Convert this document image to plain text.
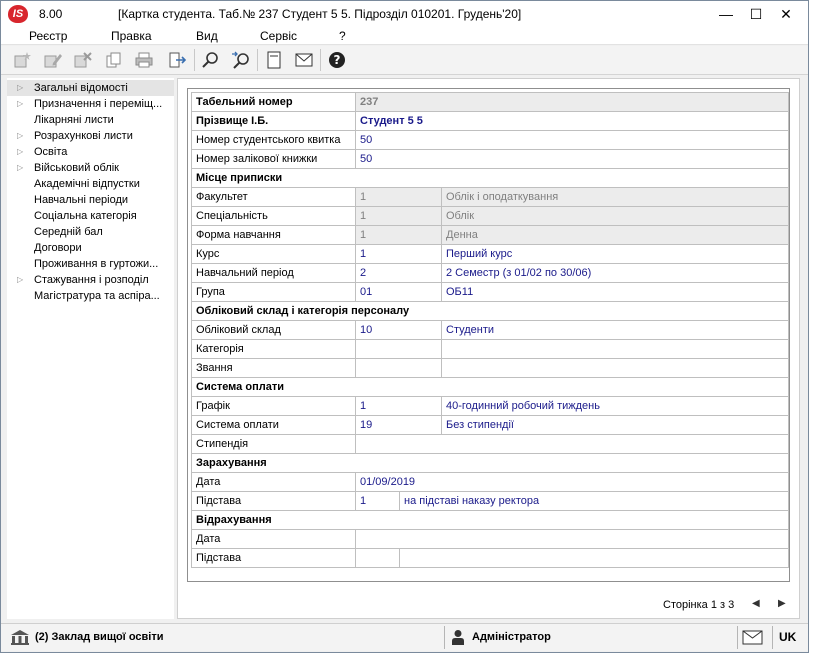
IS	8.00	[Картка студента. Таб.№ 237 Студент 5 5. Підрозділ 010201. Грудень'20]	—	☐	✕
Реєстр	Правка	Вид	Сервіс	?
?
▷ Загальні відомості
▷ Призначення і переміщ...
Лікарняні листи
▷ Розрахункові листи
▷ Освіта
▷ Військовий облік
Академічні відпустки
Навчальні періоди
Соціальна категорія
Середній бал
Договори
Проживання в гуртожи...
▷ Стажування і розподіл
Магістратура та аспіра...
Табельний номер	237		
Прізвище І.Б.	Студент 5 5		
Номер студентського квитка	50		
Номер залікової книжки	50		
Місце приписки			
Факультет	1		Облік і оподаткування
Спеціальність	1		Облік
Форма навчання	1		Денна
Курс	1		Перший курс
Навчальний період	2		2 Семестр (з 01/02 по 30/06)
Група	01		ОБ11
Обліковий склад і категорія персоналу			
Обліковий склад	10		Студенти
Категорія			
Звання			
Система оплати			
Графік	1		40-годинний робочий тиждень
Система оплати	19		Без стипендії
Стипендія			
Зарахування			
Дата	01/09/2019		
Підстава	1	на підставі наказу ректора	
Відрахування			
Дата			
Підстава			
Сторінка 1 з 3 ◀ ▶
(2) Заклад вищої освіти	Адміністратор	UK
